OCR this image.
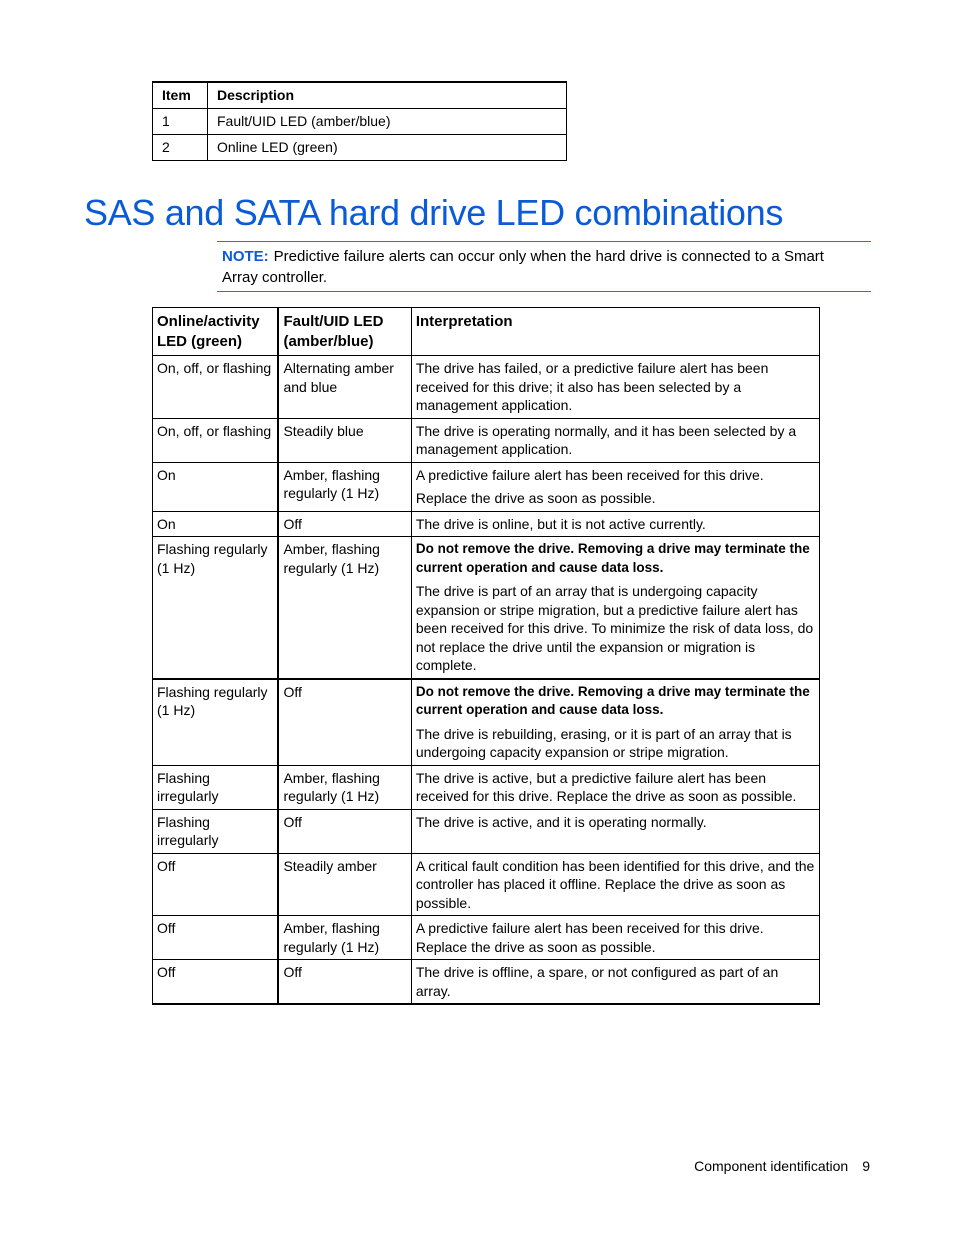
Item	Description
1	Fault/UID LED (amber/blue)
2	Online LED (green)
SAS and SATA hard drive LED combinations
NOTE: Predictive failure alerts can occur only when the hard drive is connected to a Smart Array controller.
Online/activity LED (green)	Fault/UID LED (amber/blue)	Interpretation
On, off, or flashing	Alternating amber and blue	The drive has failed, or a predictive failure alert has been received for this drive; it also has been selected by a management application.

On, off, or flashing	Steadily blue	The drive is operating normally, and it has been selected by a management application.

On	Amber, flashing regularly (1 Hz)	A predictive failure alert has been received for this drive.
Replace the drive as soon as possible.

On	Off	The drive is online, but it is not active currently.

Flashing regularly (1 Hz)	Amber, flashing regularly (1 Hz)	Do not remove the drive. Removing a drive may terminate the current operation and cause data loss.
The drive is part of an array that is undergoing capacity expansion or stripe migration, but a predictive failure alert has been received for this drive. To minimize the risk of data loss, do not replace the drive until the expansion or migration is complete.

Flashing regularly (1 Hz)	Off	Do not remove the drive. Removing a drive may terminate the current operation and cause data loss.
The drive is rebuilding, erasing, or it is part of an array that is undergoing capacity expansion or stripe migration.

Flashing irregularly	Amber, flashing regularly (1 Hz)	The drive is active, but a predictive failure alert has been received for this drive. Replace the drive as soon as possible.

Flashing irregularly	Off	The drive is active, and it is operating normally.

Off	Steadily amber	A critical fault condition has been identified for this drive, and the controller has placed it offline. Replace the drive as soon as possible.

Off	Amber, flashing regularly (1 Hz)	A predictive failure alert has been received for this drive. Replace the drive as soon as possible.

Off	Off	The drive is offline, a spare, or not configured as part of an array.
Component identification 9
